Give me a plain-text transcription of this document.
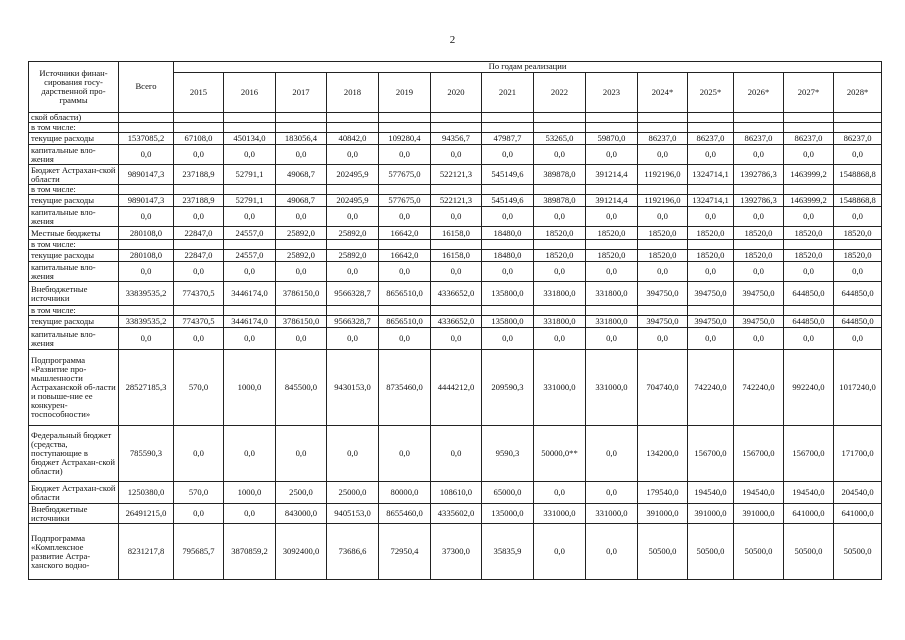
2
Источники финан-сирования госу-дарственной про-граммы	Всего	По годам реализации													
		2015	2016	2017	2018	2019	2020	2021	2022	2023	2024*	2025*	2026*	2027*	2028*
ской области)															
в том числе:															
текущие расходы	1537085,2	67108,0	450134,0	183056,4	40842,0	109280,4	94356,7	47987,7	53265,0	59870,0	86237,0	86237,0	86237,0	86237,0	86237,0
капитальные вло-жения	0,0	0,0	0,0	0,0	0,0	0,0	0,0	0,0	0,0	0,0	0,0	0,0	0,0	0,0	0,0
Бюджет Астрахан-ской области	9890147,3	237188,9	52791,1	49068,7	202495,9	577675,0	522121,3	545149,6	389878,0	391214,4	1192196,0	1324714,1	1392786,3	1463999,2	1548868,8
в том числе:															
текущие расходы	9890147,3	237188,9	52791,1	49068,7	202495,9	577675,0	522121,3	545149,6	389878,0	391214,4	1192196,0	1324714,1	1392786,3	1463999,2	1548868,8
капитальные вло-жения	0,0	0,0	0,0	0,0	0,0	0,0	0,0	0,0	0,0	0,0	0,0	0,0	0,0	0,0	0,0
Местные бюджеты	280108,0	22847,0	24557,0	25892,0	25892,0	16642,0	16158,0	18480,0	18520,0	18520,0	18520,0	18520,0	18520,0	18520,0	18520,0
в том числе:															
текущие расходы	280108,0	22847,0	24557,0	25892,0	25892,0	16642,0	16158,0	18480,0	18520,0	18520,0	18520,0	18520,0	18520,0	18520,0	18520,0
капитальные вло-жения	0,0	0,0	0,0	0,0	0,0	0,0	0,0	0,0	0,0	0,0	0,0	0,0	0,0	0,0	0,0
Внебюджетные источники	33839535,2	774370,5	3446174,0	3786150,0	9566328,7	8656510,0	4336652,0	135800,0	331800,0	331800,0	394750,0	394750,0	394750,0	644850,0	644850,0
в том числе:															
текущие расходы	33839535,2	774370,5	3446174,0	3786150,0	9566328,7	8656510,0	4336652,0	135800,0	331800,0	331800,0	394750,0	394750,0	394750,0	644850,0	644850,0
капитальные вло-жения	0,0	0,0	0,0	0,0	0,0	0,0	0,0	0,0	0,0	0,0	0,0	0,0	0,0	0,0	0,0
Подпрограмма «Развитие про-мышленности Астраханской об-ласти и повыше-ние ее конкурен-тоспособности»	28527185,3	570,0	1000,0	845500,0	9430153,0	8735460,0	4444212,0	209590,3	331000,0	331000,0	704740,0	742240,0	742240,0	992240,0	1017240,0
Федеральный бюджет (средства, поступающие в бюджет Астрахан-ской области)	785590,3	0,0	0,0	0,0	0,0	0,0	0,0	9590,3	50000,0**	0,0	134200,0	156700,0	156700,0	156700,0	171700,0
Бюджет Астрахан-ской области	1250380,0	570,0	1000,0	2500,0	25000,0	80000,0	108610,0	65000,0	0,0	0,0	179540,0	194540,0	194540,0	194540,0	204540,0
Внебюджетные источники	26491215,0	0,0	0,0	843000,0	9405153,0	8655460,0	4335602,0	135000,0	331000,0	331000,0	391000,0	391000,0	391000,0	641000,0	641000,0
Подпрограмма «Комплексное развитие Астра-ханского водно-	8231217,8	795685,7	3870859,2	3092400,0	73686,6	72950,4	37300,0	35835,9	0,0	0,0	50500,0	50500,0	50500,0	50500,0	50500,0
